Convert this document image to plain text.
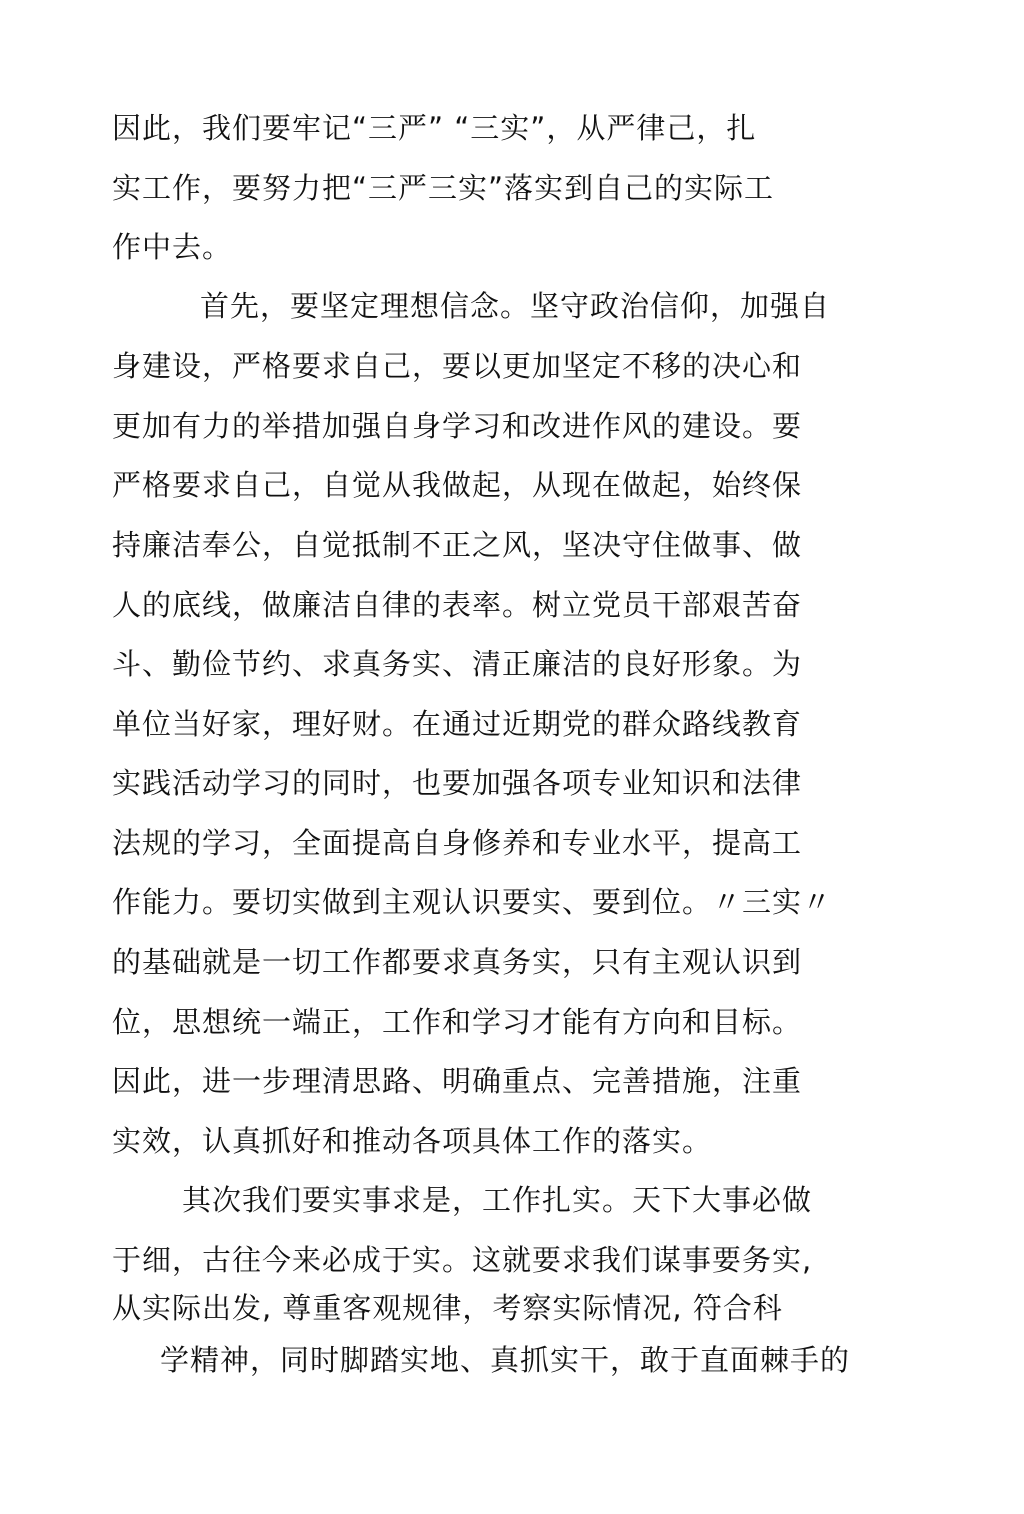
因此，我们要牢记“三严” “三实”，从严律己，扎
实工作，要努力把“三严三实”落实到自己的实际工
作中去。
首先，要坚定理想信念。坚守政治信仰，加强自
身建设，严格要求自己，要以更加坚定不移的决心和
更加有力的举措加强自身学习和改进作风的建设。要
严格要求自己，自觉从我做起，从现在做起，始终保
持廉洁奉公，自觉抵制不正之风，坚决守住做事、做
人的底线，做廉洁自律的表率。树立党员干部艰苦奋
斗、勤俭节约、求真务实、清正廉洁的良好形象。为
单位当好家，理好财。在通过近期党的群众路线教育
实践活动学习的同时，也要加强各项专业知识和法律
法规的学习，全面提高自身修养和专业水平，提高工
作能力。要切实做到主观认识要实、要到位。〃三实〃
的基础就是一切工作都要求真务实，只有主观认识到
位，思想统一端正，工作和学习才能有方向和目标。
因此，进一步理清思路、明确重点、完善措施，注重
实效，认真抓好和推动各项具体工作的落实。
其次我们要实事求是，工作扎实。天下大事必做
于细，古往今来必成于实。这就要求我们谋事要务实,
从实际出发, 尊重客观规律，考察实际情况, 符合科
学精神，同时脚踏实地、真抓实干，敢于直面棘手的
